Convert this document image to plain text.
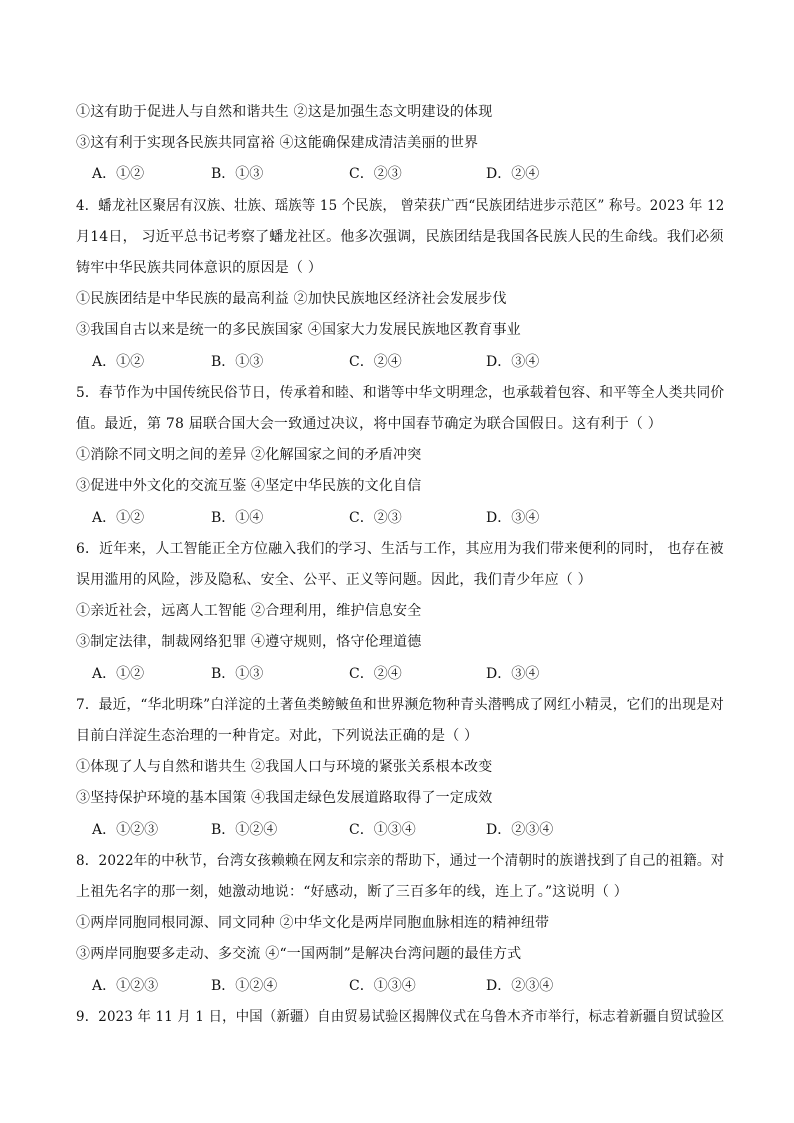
①这有助于促进人与自然和谐共生 ②这是加强生态文明建设的体现
③这有利于实现各民族共同富裕 ④这能确保建成清洁美丽的世界
A．①②	B．①③	C．②③	D．②④
4．蟠龙社区聚居有汉族、壮族、瑶族等 15 个民族， 曾荣获广西“民族团结进步示范区” 称号。2023 年 12
月14日， 习近平总书记考察了蟠龙社区。他多次强调，民族团结是我国各民族人民的生命线。我们必须
铸牢中华民族共同体意识的原因是（ ）
①民族团结是中华民族的最高利益 ②加快民族地区经济社会发展步伐
③我国自古以来是统一的多民族国家 ④国家大力发展民族地区教育事业
A．①②	B．①③	C．②④	D．③④
5．春节作为中国传统民俗节日，传承着和睦、和谐等中华文明理念，也承载着包容、和平等全人类共同价
值。最近，第 78 届联合国大会一致通过决议，将中国春节确定为联合国假日。这有利于（ ）
①消除不同文明之间的差异 ②化解国家之间的矛盾冲突
③促进中外文化的交流互鉴 ④坚定中华民族的文化自信
A．①②	B．①④	C．②③	D．③④
6．近年来，人工智能正全方位融入我们的学习、生活与工作，其应用为我们带来便利的同时， 也存在被
误用滥用的风险，涉及隐私、安全、公平、正义等问题。因此，我们青少年应（ ）
①亲近社会，远离人工智能 ②合理利用，维护信息安全
③制定法律，制裁网络犯罪 ④遵守规则，恪守伦理道德
A．①②	B．①③	C．②④	D．③④
7．最近，“华北明珠”白洋淀的土著鱼类鳑鲏鱼和世界濒危物种青头潜鸭成了网红小精灵，它们的出现是对
目前白洋淀生态治理的一种肯定。对此，下列说法正确的是（ ）
①体现了人与自然和谐共生 ②我国人口与环境的紧张关系根本改变
③坚持保护环境的基本国策 ④我国走绿色发展道路取得了一定成效
A．①②③	B．①②④	C．①③④	D．②③④
8．2022年的中秋节，台湾女孩赖赖在网友和宗亲的帮助下，通过一个清朝时的族谱找到了自己的祖籍。对
上祖先名字的那一刻，她激动地说：“好感动，断了三百多年的线，连上了。”这说明（ ）
①两岸同胞同根同源、同文同种 ②中华文化是两岸同胞血脉相连的精神纽带
③两岸同胞要多走动、多交流 ④“一国两制”是解决台湾问题的最佳方式
A．①②③	B．①②④	C．①③④	D．②③④
9．2023 年 11 月 1 日，中国（新疆）自由贸易试验区揭牌仪式在乌鲁木齐市举行，标志着新疆自贸试验区
